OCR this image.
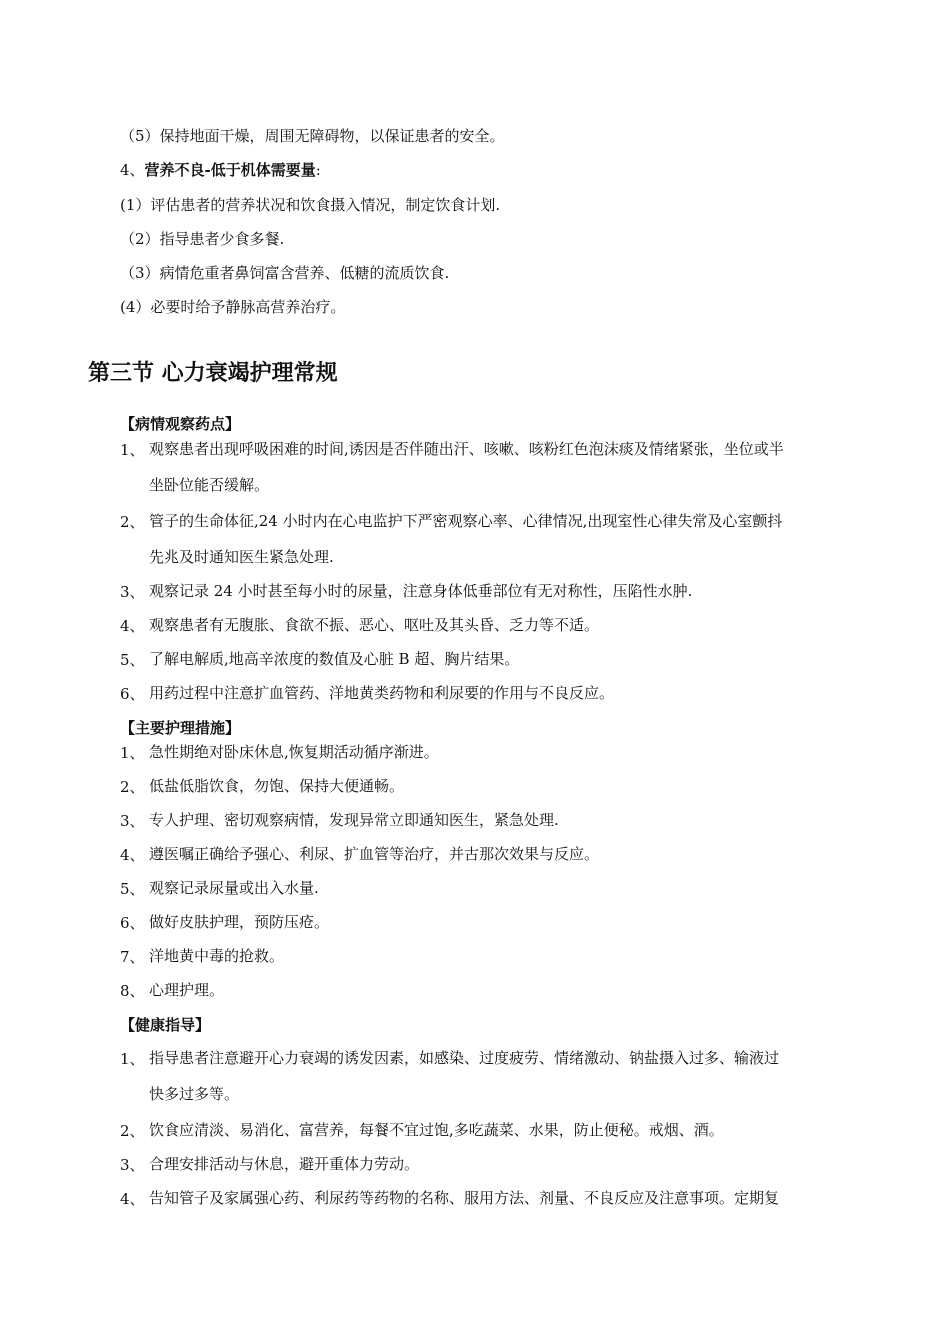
（5）保持地面干燥，周围无障碍物，以保证患者的安全。
4、营养不良-低于机体需要量:
(1）评估患者的营养状况和饮食摄入情况，制定饮食计划.
（2）指导患者少食多餐.
（3）病情危重者鼻饲富含营养、低糖的流质饮食.
(4）必要时给予静脉高营养治疗。
第三节 心力衰竭护理常规
【病情观察药点】
1、 观察患者出现呼吸困难的时间,诱因是否伴随出汗、咳嗽、咳粉红色泡沫痰及情绪紧张，坐位或半
坐卧位能否缓解。
2、 管子的生命体征,24 小时内在心电监护下严密观察心率、心律情况,出现室性心律失常及心室颤抖
先兆及时通知医生紧急处理.
3、 观察记录 24 小时甚至每小时的尿量，注意身体低垂部位有无对称性，压陷性水肿.
4、 观察患者有无腹胀、食欲不振、恶心、呕吐及其头昏、乏力等不适。
5、 了解电解质,地高辛浓度的数值及心脏 B 超、胸片结果。
6、 用药过程中注意扩血管药、洋地黄类药物和利尿要的作用与不良反应。
【主要护理措施】
1、 急性期绝对卧床休息,恢复期活动循序渐进。
2、 低盐低脂饮食，勿饱、保持大便通畅。
3、 专人护理、密切观察病情，发现异常立即通知医生，紧急处理.
4、 遵医嘱正确给予强心、利尿、扩血管等治疗，并古那次效果与反应。
5、 观察记录尿量或出入水量.
6、 做好皮肤护理，预防压疮。
7、 洋地黄中毒的抢救。
8、 心理护理。
【健康指导】
1、 指导患者注意避开心力衰竭的诱发因素，如感染、过度疲劳、情绪激动、钠盐摄入过多、输液过
快多过多等。
2、 饮食应清淡、易消化、富营养，每餐不宜过饱,多吃蔬菜、水果，防止便秘。戒烟、酒。
3、 合理安排活动与休息，避开重体力劳动。
4、 告知管子及家属强心药、利尿药等药物的名称、服用方法、剂量、不良反应及注意事项。定期复
